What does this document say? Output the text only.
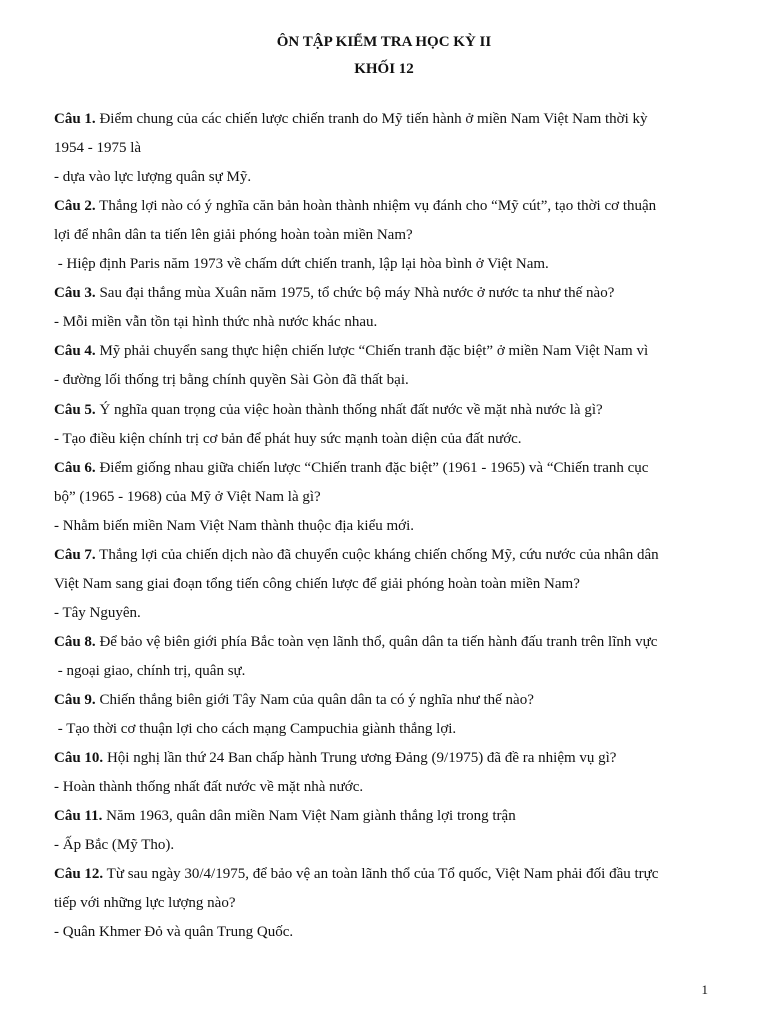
ÔN TẬP KIỂM TRA HỌC KỲ II
KHỐI 12
Câu 1. Điểm chung của các chiến lược chiến tranh do Mỹ tiến hành ở miền Nam Việt Nam thời kỳ
1954 - 1975 là
- dựa vào lực lượng quân sự Mỹ.
Câu 2. Thắng lợi nào có ý nghĩa căn bản hoàn thành nhiệm vụ đánh cho “Mỹ cút”, tạo thời cơ thuận
lợi để nhân dân ta tiến lên giải phóng hoàn toàn miền Nam?
- Hiệp định Paris năm 1973 về chấm dứt chiến tranh, lập lại hòa bình ở Việt Nam.
Câu 3. Sau đại thắng mùa Xuân năm 1975, tổ chức bộ máy Nhà nước ở nước ta như thế nào?
- Mỗi miền vẫn tồn tại hình thức nhà nước khác nhau.
Câu 4. Mỹ phải chuyển sang thực hiện chiến lược “Chiến tranh đặc biệt” ở miền Nam Việt Nam vì
- đường lối thống trị bằng chính quyền Sài Gòn đã thất bại.
Câu 5. Ý nghĩa quan trọng của việc hoàn thành thống nhất đất nước về mặt nhà nước là gì?
- Tạo điều kiện chính trị cơ bản để phát huy sức mạnh toàn diện của đất nước.
Câu 6. Điểm giống nhau giữa chiến lược “Chiến tranh đặc biệt” (1961 - 1965) và “Chiến tranh cục
bộ” (1965 - 1968) của Mỹ ở Việt Nam là gì?
- Nhằm biến miền Nam Việt Nam thành thuộc địa kiểu mới.
Câu 7. Thắng lợi của chiến dịch nào đã chuyển cuộc kháng chiến chống Mỹ, cứu nước của nhân dân
Việt Nam sang giai đoạn tổng tiến công chiến lược để giải phóng hoàn toàn miền Nam?
- Tây Nguyên.
Câu 8. Để bảo vệ biên giới phía Bắc toàn vẹn lãnh thổ, quân dân ta tiến hành đấu tranh trên lĩnh vực
- ngoại giao, chính trị, quân sự.
Câu 9. Chiến thắng biên giới Tây Nam của quân dân ta có ý nghĩa như thế nào?
- Tạo thời cơ thuận lợi cho cách mạng Campuchia giành thắng lợi.
Câu 10. Hội nghị lần thứ 24 Ban chấp hành Trung ương Đảng (9/1975) đã đề ra nhiệm vụ gì?
- Hoàn thành thống nhất đất nước về mặt nhà nước.
Câu 11. Năm 1963, quân dân miền Nam Việt Nam giành thắng lợi trong trận
- Ấp Bắc (Mỹ Tho).
Câu 12. Từ sau ngày 30/4/1975, để bảo vệ an toàn lãnh thổ của Tổ quốc, Việt Nam phải đối đầu trực
tiếp với những lực lượng nào?
- Quân Khmer Đỏ và quân Trung Quốc.
1
